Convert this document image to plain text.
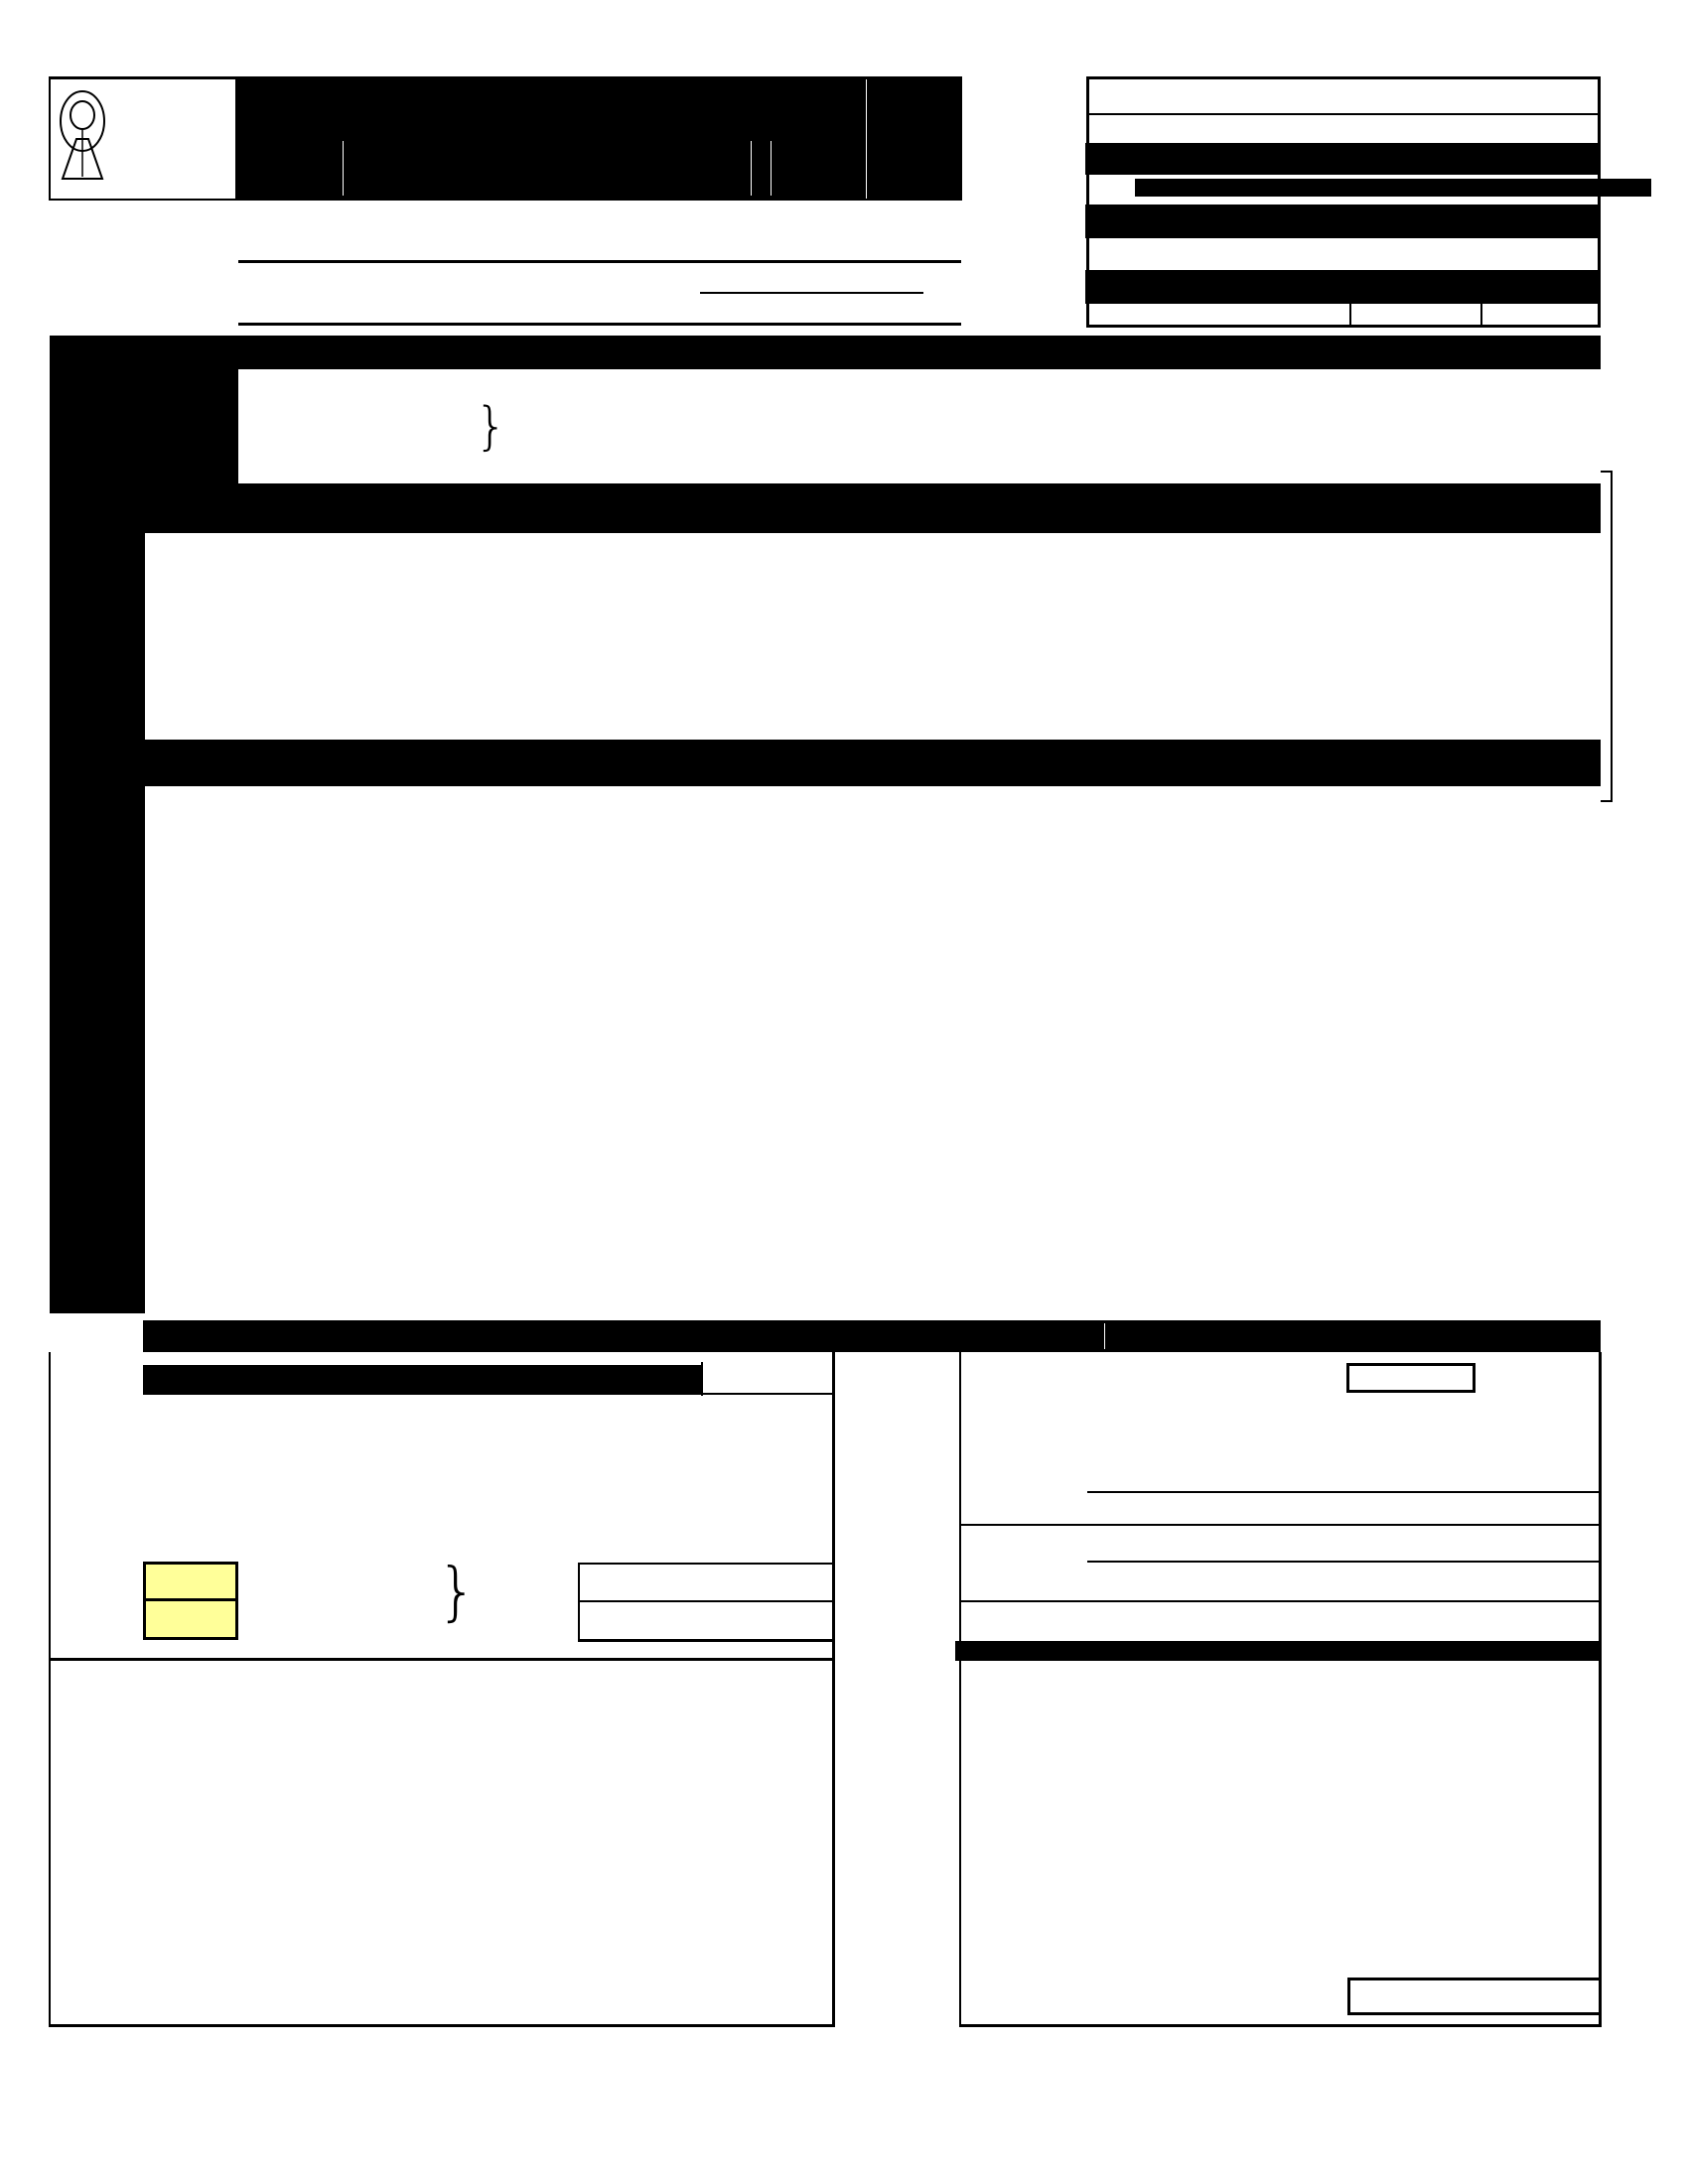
}
}
